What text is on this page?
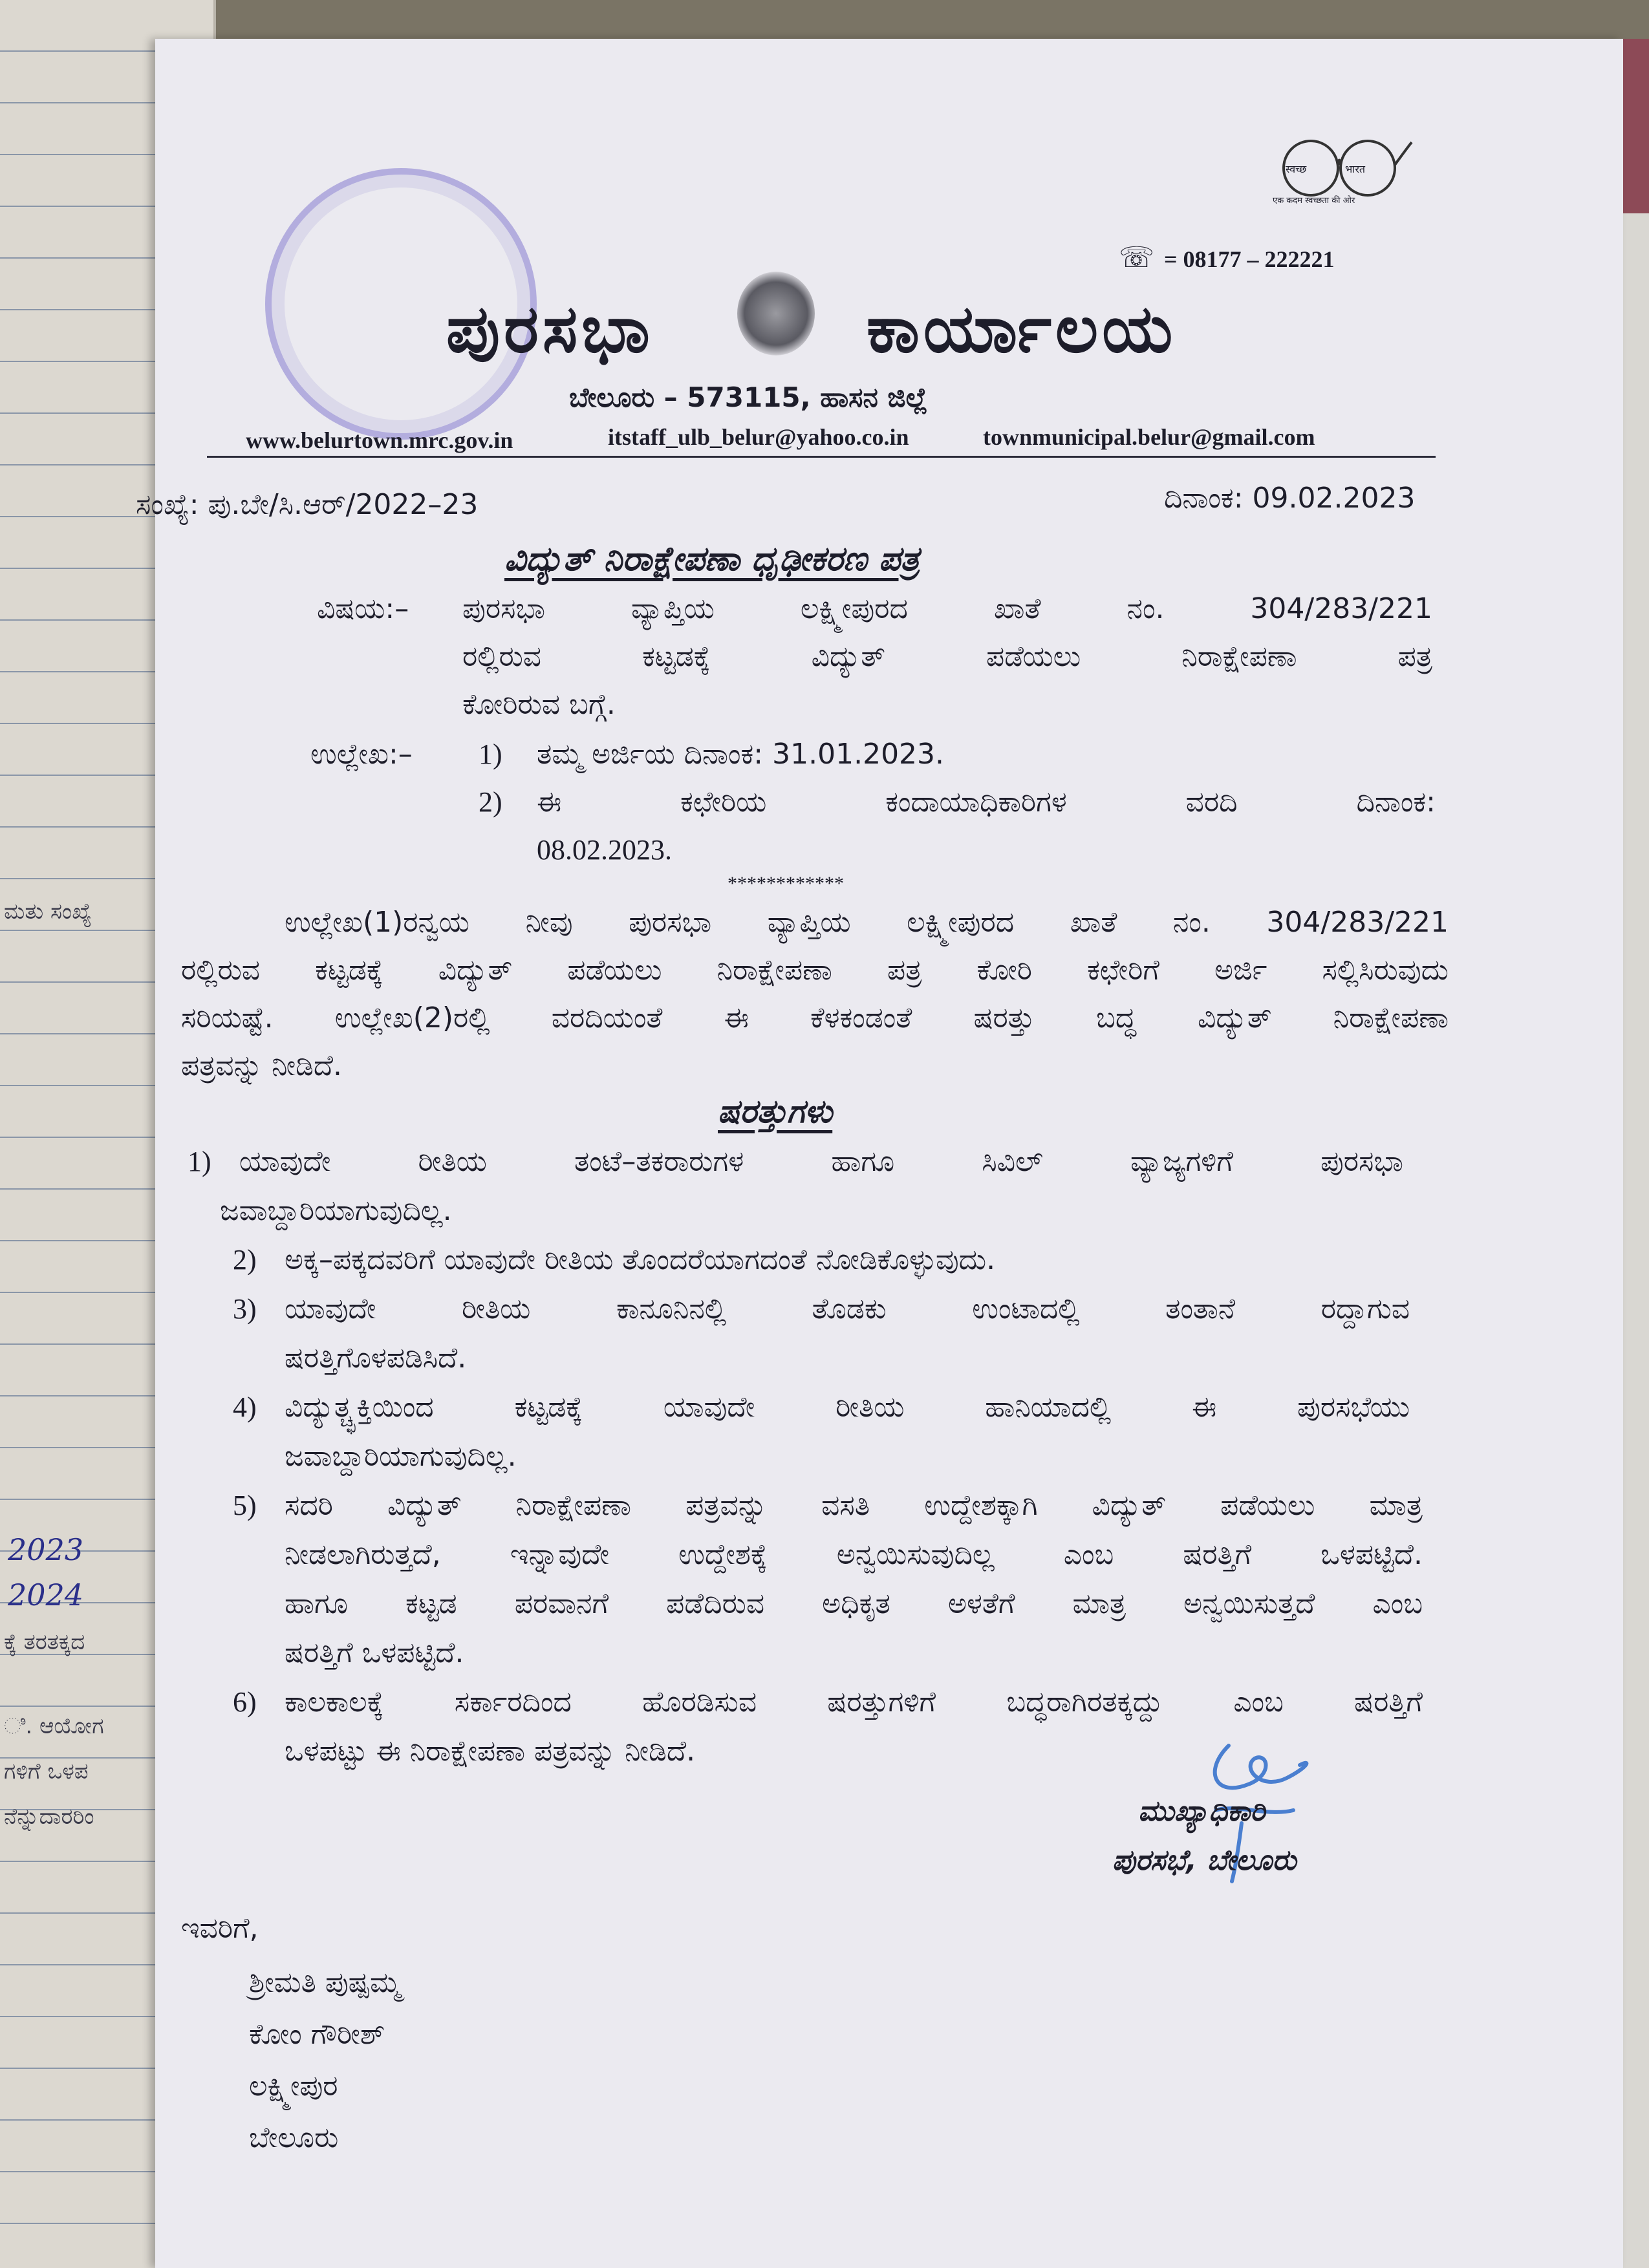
ಮತು ಸಂಖ್ಯೆ
2023
2024
ಕ್ಕೆ ತರತಕ್ಕದ
ಿ. ಆಯೋಗ
ಗಳಿಗೆ ಒಳಪ
ನೆನ್ನುದಾರರಿಂ
स्वच्छ	भारत
एक कदम स्वच्छता की ओर
☏ = 08177 – 222221
ಪುರಸಭಾ	ಕಾರ್ಯಾಲಯ
ಬೇಲೂರು – 573115, ಹಾಸನ ಜಿಲ್ಲೆ
www.belurtown.mrc.gov.in	itstaff_ulb_belur@yahoo.co.in	townmunicipal.belur@gmail.com
ಸಂಖ್ಯೆ: ಪು.ಬೇ/ಸಿ.ಆರ್/2022–23	ದಿನಾಂಕ: 09.02.2023
ವಿದ್ಯುತ್ ನಿರಾಕ್ಷೇಪಣಾ ಧೃಢೀಕರಣ ಪತ್ರ
ವಿಷಯ:– ಪುರಸಭಾ ವ್ಯಾಪ್ತಿಯ ಲಕ್ಷ್ಮೀಪುರದ ಖಾತೆ ನಂ. 304/283/221
ರಲ್ಲಿರುವ ಕಟ್ಟಡಕ್ಕೆ ವಿದ್ಯುತ್ ಪಡೆಯಲು ನಿರಾಕ್ಷೇಪಣಾ ಪತ್ರ
ಕೋರಿರುವ ಬಗ್ಗೆ.
ಉಲ್ಲೇಖ:– 1) ತಮ್ಮ ಅರ್ಜಿಯ ದಿನಾಂಕ: 31.01.2023.
2) ಈ ಕಛೇರಿಯ ಕಂದಾಯಾಧಿಕಾರಿಗಳ ವರದಿ ದಿನಾಂಕ:
08.02.2023.
************
ಉಲ್ಲೇಖ(1)ರನ್ವಯ ನೀವು ಪುರಸಭಾ ವ್ಯಾಪ್ತಿಯ ಲಕ್ಷ್ಮೀಪುರದ ಖಾತೆ ನಂ. 304/283/221
ರಲ್ಲಿರುವ ಕಟ್ಟಡಕ್ಕೆ ವಿದ್ಯುತ್ ಪಡೆಯಲು ನಿರಾಕ್ಷೇಪಣಾ ಪತ್ರ ಕೋರಿ ಕಛೇರಿಗೆ ಅರ್ಜಿ ಸಲ್ಲಿಸಿರುವುದು
ಸರಿಯಷ್ಟೆ. ಉಲ್ಲೇಖ(2)ರಲ್ಲಿ ವರದಿಯಂತೆ ಈ ಕೆಳಕಂಡಂತೆ ಷರತ್ತು ಬದ್ಧ ವಿದ್ಯುತ್ ನಿರಾಕ್ಷೇಪಣಾ
ಪತ್ರವನ್ನು ನೀಡಿದೆ.
ಷರತ್ತುಗಳು
1) ಯಾವುದೇ ರೀತಿಯ ತಂಟೆ–ತಕರಾರುಗಳ ಹಾಗೂ ಸಿವಿಲ್ ವ್ಯಾಜ್ಯಗಳಿಗೆ ಪುರಸಭಾ
ಜವಾಬ್ದಾರಿಯಾಗುವುದಿಲ್ಲ.
2) ಅಕ್ಕ–ಪಕ್ಕದವರಿಗೆ ಯಾವುದೇ ರೀತಿಯ ತೊಂದರೆಯಾಗದಂತೆ ನೋಡಿಕೊಳ್ಳುವುದು.
3) ಯಾವುದೇ ರೀತಿಯ ಕಾನೂನಿನಲ್ಲಿ ತೊಡಕು ಉಂಟಾದಲ್ಲಿ ತಂತಾನೆ ರದ್ದಾಗುವ
ಷರತ್ತಿಗೊಳಪಡಿಸಿದೆ.
4) ವಿದ್ಯುತ್ಚ್ಛಕ್ತಿಯಿಂದ ಕಟ್ಟಡಕ್ಕೆ ಯಾವುದೇ ರೀತಿಯ ಹಾನಿಯಾದಲ್ಲಿ ಈ ಪುರಸಭೆಯು
ಜವಾಬ್ದಾರಿಯಾಗುವುದಿಲ್ಲ.
5) ಸದರಿ ವಿದ್ಯುತ್ ನಿರಾಕ್ಷೇಪಣಾ ಪತ್ರವನ್ನು ವಸತಿ ಉದ್ದೇಶಕ್ಕಾಗಿ ವಿದ್ಯುತ್ ಪಡೆಯಲು ಮಾತ್ರ
ನೀಡಲಾಗಿರುತ್ತದೆ, ಇನ್ನಾವುದೇ ಉದ್ದೇಶಕ್ಕೆ ಅನ್ವಯಿಸುವುದಿಲ್ಲ ಎಂಬ ಷರತ್ತಿಗೆ ಒಳಪಟ್ಟಿದೆ.
ಹಾಗೂ ಕಟ್ಟಡ ಪರವಾನಗೆ ಪಡೆದಿರುವ ಅಧಿಕೃತ ಅಳತೆಗೆ ಮಾತ್ರ ಅನ್ವಯಿಸುತ್ತದೆ ಎಂಬ
ಷರತ್ತಿಗೆ ಒಳಪಟ್ಟಿದೆ.
6) ಕಾಲಕಾಲಕ್ಕೆ ಸರ್ಕಾರದಿಂದ ಹೊರಡಿಸುವ ಷರತ್ತುಗಳಿಗೆ ಬದ್ಧರಾಗಿರತಕ್ಕದ್ದು ಎಂಬ ಷರತ್ತಿಗೆ
ಒಳಪಟ್ಟು ಈ ನಿರಾಕ್ಷೇಪಣಾ ಪತ್ರವನ್ನು ನೀಡಿದೆ.
ಮುಖ್ಯಾಧಿಕಾರಿ
ಪುರಸಭೆ, ಬೇಲೂರು
ಇವರಿಗೆ,
ಶ್ರೀಮತಿ ಪುಷ್ಪಮ್ಮ
ಕೋಂ ಗೌರೀಶ್
ಲಕ್ಷ್ಮೀಪುರ
ಬೇಲೂರು
